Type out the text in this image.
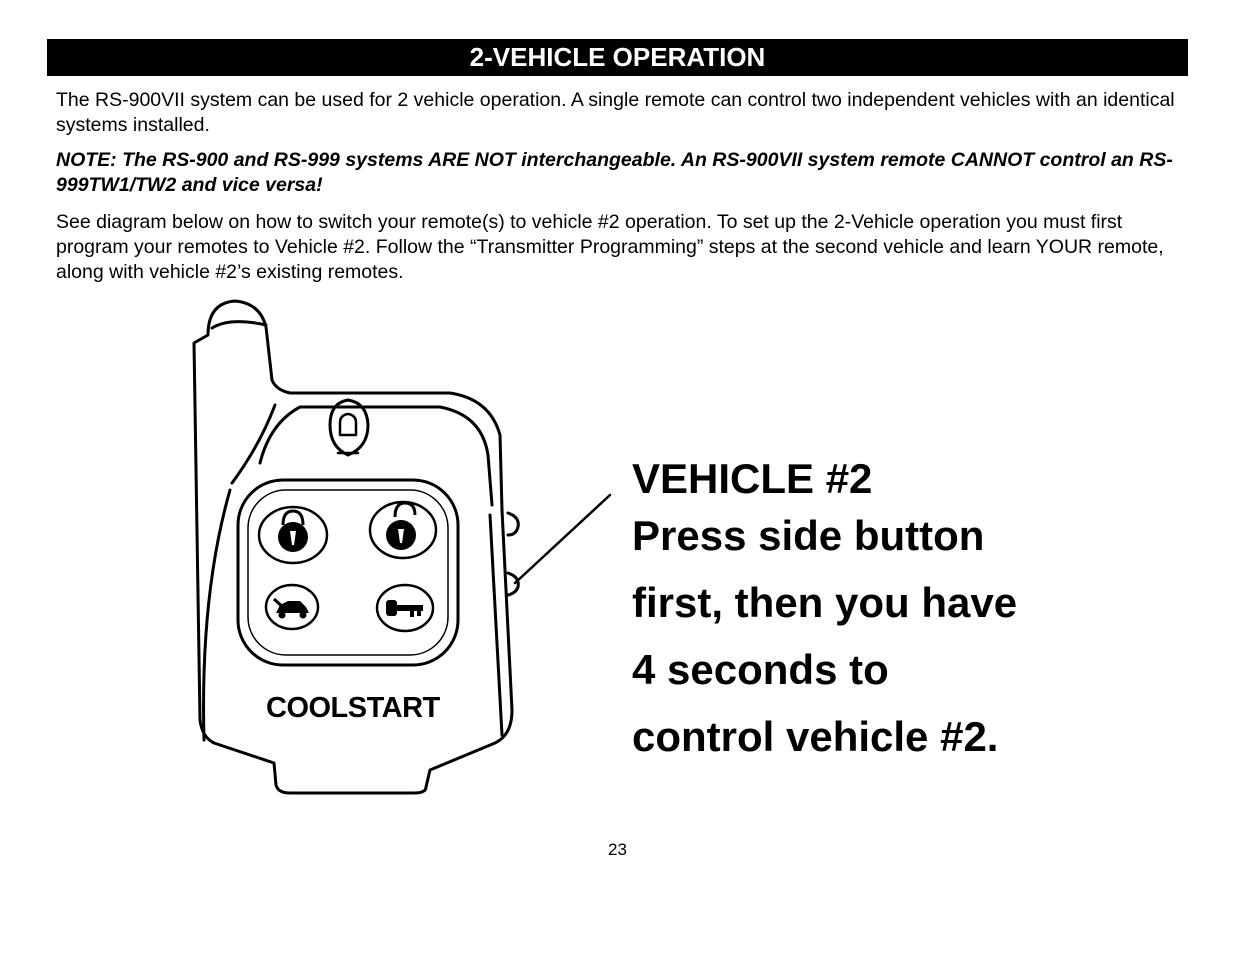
2-VEHICLE OPERATION

The RS-900VII system can be used for 2 vehicle operation. A single remote can control two independent vehicles with an identical systems installed.

NOTE: The RS-900 and RS-999 systems ARE NOT interchangeable. An RS-900VII system remote CANNOT control an RS-999TW1/TW2 and vice versa!

See diagram below on how to switch your remote(s) to vehicle #2 operation. To set up the 2-Vehicle operation you must first program your remotes to Vehicle #2. Follow the “Transmitter Programming” steps at the second vehicle and learn YOUR remote, along with vehicle #2’s existing remotes.

COOLSTART
VEHICLE #2
Press side button
first, then you have
4 seconds to
control vehicle #2.
23
